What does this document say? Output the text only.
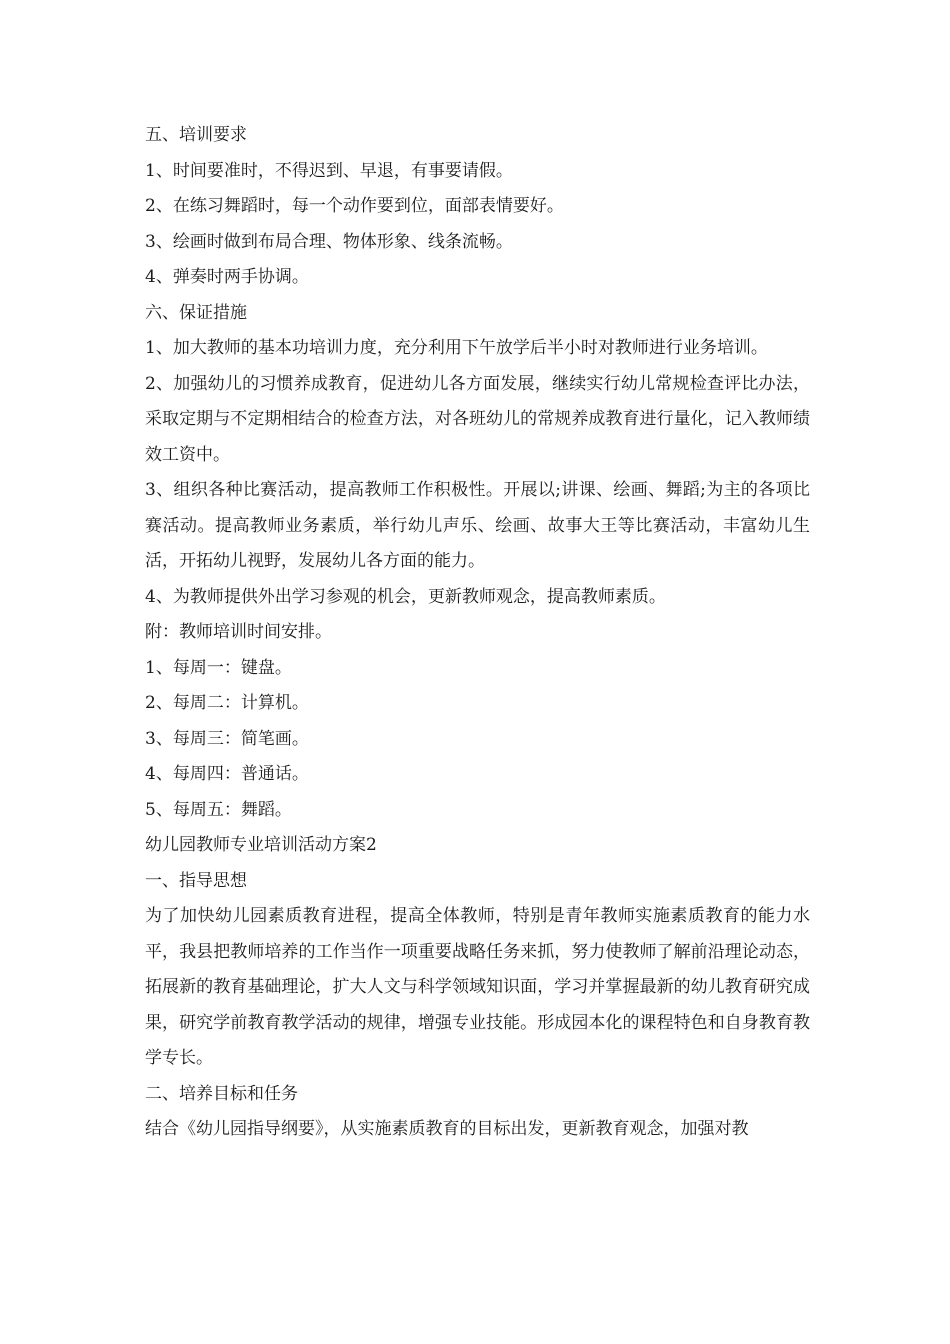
五、培训要求

1、时间要准时，不得迟到、早退，有事要请假。

2、在练习舞蹈时，每一个动作要到位，面部表情要好。

3、绘画时做到布局合理、物体形象、线条流畅。

4、弹奏时两手协调。

六、保证措施

1、加大教师的基本功培训力度，充分利用下午放学后半小时对教师进行业务培训。

2、加强幼儿的习惯养成教育，促进幼儿各方面发展，继续实行幼儿常规检查评比办法，采取定期与不定期相结合的检查方法，对各班幼儿的常规养成教育进行量化，记入教师绩效工资中。

3、组织各种比赛活动，提高教师工作积极性。开展以;讲课、绘画、舞蹈;为主的各项比赛活动。提高教师业务素质，举行幼儿声乐、绘画、故事大王等比赛活动，丰富幼儿生活，开拓幼儿视野，发展幼儿各方面的能力。

4、为教师提供外出学习参观的机会，更新教师观念，提高教师素质。

附：教师培训时间安排。

1、每周一：键盘。

2、每周二：计算机。

3、每周三：简笔画。

4、每周四：普通话。

5、每周五：舞蹈。

幼儿园教师专业培训活动方案2

一、指导思想

为了加快幼儿园素质教育进程，提高全体教师，特别是青年教师实施素质教育的能力水平，我县把教师培养的工作当作一项重要战略任务来抓，努力使教师了解前沿理论动态，拓展新的教育基础理论，扩大人文与科学领域知识面，学习并掌握最新的幼儿教育研究成果，研究学前教育教学活动的规律，增强专业技能。形成园本化的课程特色和自身教育教学专长。

二、培养目标和任务

结合《幼儿园指导纲要》，从实施素质教育的目标出发，更新教育观念，加强对教
